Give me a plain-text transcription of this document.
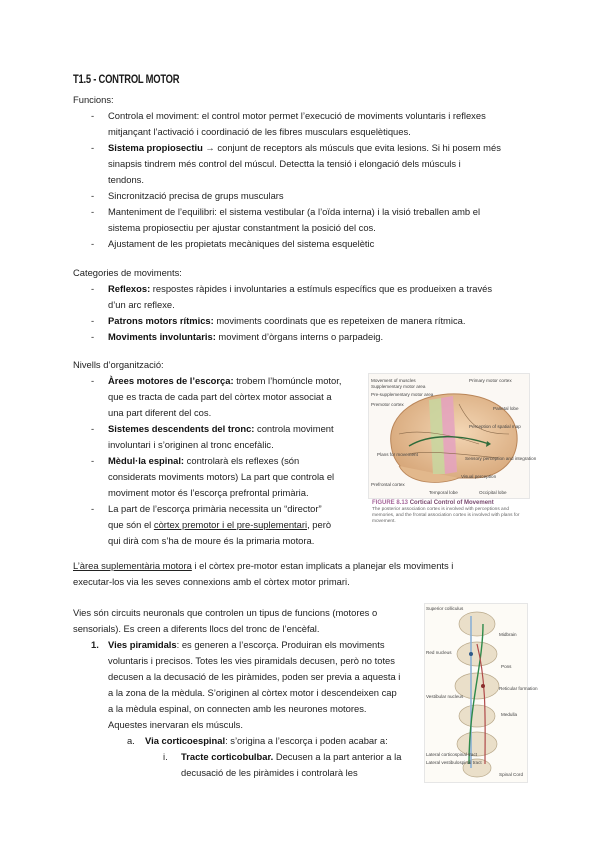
T1.5 - CONTROL MOTOR
Funcions:
- Controla el moviment: el control motor permet l’execució de moviments voluntaris i reflexes
mitjançant l’activació i coordinació de les fibres musculars esquelètiques.
- Sistema propiosectiu → conjunt de receptors als músculs que evita lesions. Si hi posem més
sinapsis tindrem més control del múscul. Detectta la tensió i elongació dels músculs i
tendons.
- Sincronització precisa de grups musculars
- Manteniment de l’equilibri: el sistema vestibular (a l’oïda interna) i la visió treballen amb el
sistema propiosectiu per ajustar constantment la posició del cos.
- Ajustament de les propietats mecàniques del sistema esquelètic
Categories de moviments:
- Reflexos: respostes ràpides i involuntaries a estímuls específics que es produeixen a través
d’un arc reflexe.
- Patrons motors rítmics: moviments coordinats que es repeteixen de manera rítmica.
- Moviments involuntaris: moviment d’òrgans interns o parpadeig.
Nivells d’organització:
- Àrees motores de l’escorça: trobem l’homúncle motor,
que es tracta de cada part del còrtex motor associat a
una part diferent del cos.
- Sistemes descendents del tronc: controla moviment
involuntari i s’originen al tronc encefàlic.
- Mèdul·la espinal: controlarà els reflexes (són
considerats moviments motors) La part que controla el
moviment motor és l’escorça prefrontal primària.
- La part de l’escorça primària necessita un “director”
que són el còrtex premotor i el pre-suplementari, però
qui dirà com s’ha de moure és la primaria motora.
Movement of muscles
Supplementary motor area
Pre-supplementary motor area
Premotor cortex
Primary motor cortex
Parietal lobe
Perception of spatial map
Plans for movement
Sensory perception and integration
Visual perception
Prefrontal cortex
Temporal lobe	Occipital lobe
FIGURE 8.13 Cortical Control of Movement
The posterior association cortex is involved with perceptions and memories, and the frontal association cortex is involved with plans for movement.
L’àrea suplementària motora i el còrtex pre-motor estan implicats a planejar els moviments i
executar-los via les seves connexions amb el còrtex motor primari.
Vies són circuits neuronals que controlen un tipus de funcions (motores o
sensorials). Es creen a diferents llocs del tronc de l’encèfal.
1. Vies piramidals: es generen a l’escorça. Produiran els moviments
voluntaris i precisos. Totes les vies piramidals decusen, però no totes
decusen a la decusació de les piràmides, poden ser previa a aquesta i
a la zona de la mèdula. S’originen al còrtex motor i descendeixen cap
a la mèdula espinal, on connecten amb les neurones motores.
Aquestes inervaran els músculs.
a. Via corticoespinal: s’origina a l’escorça i poden acabar a:
i. Tracte corticobulbar. Decusen a la part anterior a la
decusació de les piràmides i controlarà les
Superior colliculus
Midbrain
Red nucleus
Pons
Medulla
Vestibular nucleus
Reticular formation
Lateral corticospinal tract
Lateral vestibulospinal tract
Spinal Cord
